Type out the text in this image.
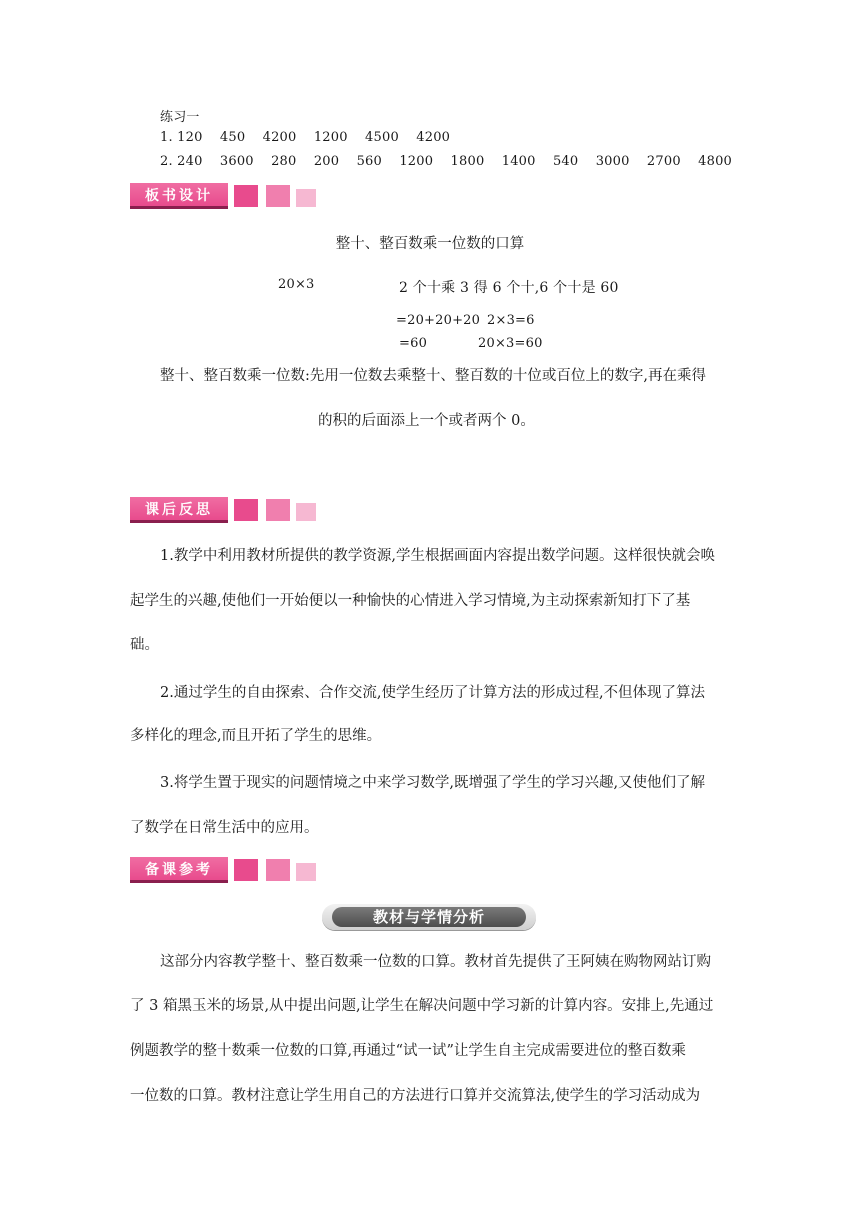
练习一
1. 120    450    4200    1200    4500    4200
2. 240    3600    280    200    560    1200    1800    1400    540    3000    2700    4800
板书设计
整十、整百数乘一位数的口算
20×3	2 个十乘 3 得 6 个十,6 个十是 60
=20+20+20 2×3=6
=60	20×3=60
整十、整百数乘一位数:先用一位数去乘整十、整百数的十位或百位上的数字,再在乘得
的积的后面添上一个或者两个 0。
课后反思
1.教学中利用教材所提供的教学资源,学生根据画面内容提出数学问题。这样很快就会唤
起学生的兴趣,使他们一开始便以一种愉快的心情进入学习情境,为主动探索新知打下了基
础。
2.通过学生的自由探索、合作交流,使学生经历了计算方法的形成过程,不但体现了算法
多样化的理念,而且开拓了学生的思维。
3.将学生置于现实的问题情境之中来学习数学,既增强了学生的学习兴趣,又使他们了解
了数学在日常生活中的应用。
备课参考
教材与学情分析
这部分内容教学整十、整百数乘一位数的口算。教材首先提供了王阿姨在购物网站订购
了 3 箱黑玉米的场景,从中提出问题,让学生在解决问题中学习新的计算内容。安排上,先通过
例题教学的整十数乘一位数的口算,再通过“试一试”让学生自主完成需要进位的整百数乘
一位数的口算。教材注意让学生用自己的方法进行口算并交流算法,使学生的学习活动成为
